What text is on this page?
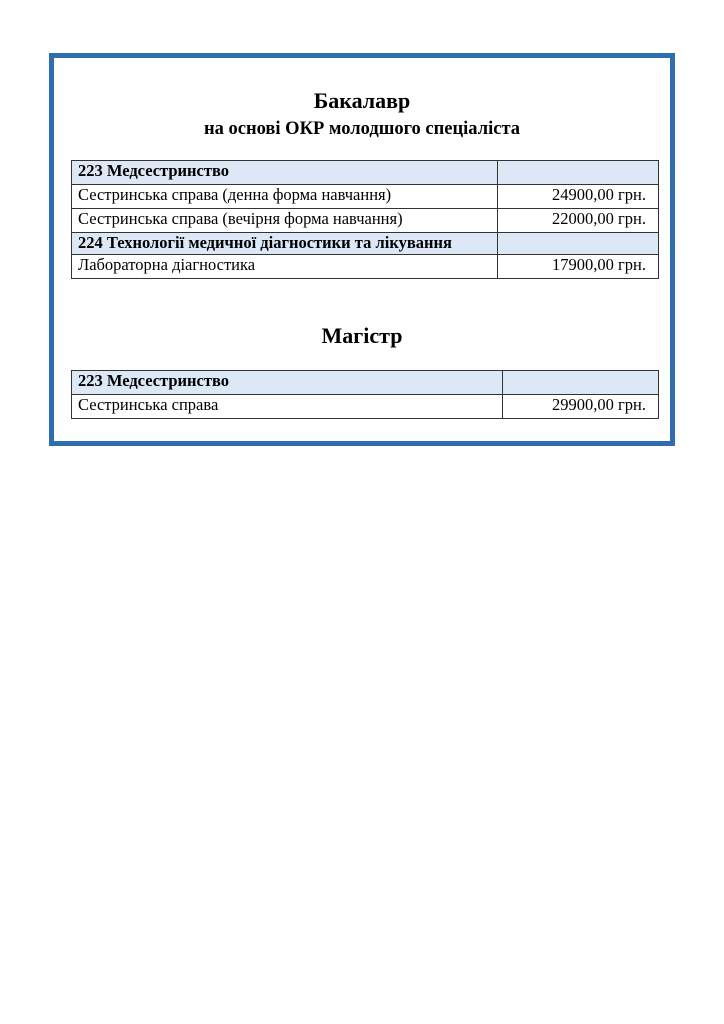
Бакалавр
на основі ОКР молодшого спеціаліста
223 Медсестринство	
Сестринська справа (денна форма навчання)	24900,00 грн.
Сестринська справа (вечірня форма навчання)	22000,00 грн.
224 Технології медичної діагностики та лікування	
Лабораторна діагностика	17900,00 грн.
Магістр
223 Медсестринство	
Сестринська справа	29900,00 грн.
